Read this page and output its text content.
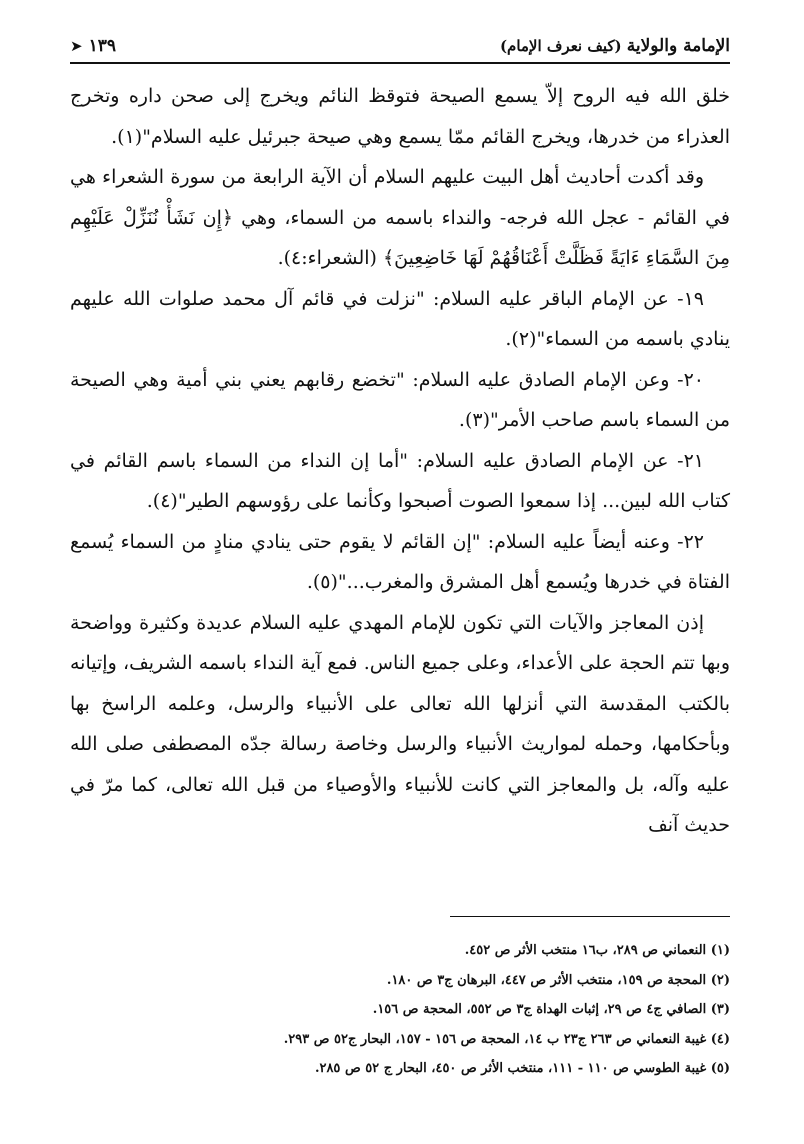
الإمامة والولاية (كيف نعرف الإمام)
➤ ١٣٩

خلق الله فيه الروح إلاّ يسمع الصيحة فتوقظ النائم ويخرج إلى صحن داره وتخرج العذراء من خدرها، ويخرج القائم ممّا يسمع وهي صيحة جبرئيل عليه السلام"(١).

وقد أكدت أحاديث أهل البيت عليهم السلام أن الآية الرابعة من سورة الشعراء هي في القائم - عجل الله فرجه- والنداء باسمه من السماء، وهي ﴿إِن نَشَأْ نُنَزِّلْ عَلَيْهِم مِنَ السَّمَاءِ ءَايَةً فَظَلَّتْ أَعْنَاقُهُمْ لَهَا خَاضِعِينَ﴾ (الشعراء:٤).

١٩- عن الإمام الباقر عليه السلام: "نزلت في قائم آل محمد صلوات الله عليهم ينادي باسمه من السماء"(٢).

٢٠- وعن الإمام الصادق عليه السلام: "تخضع رقابهم يعني بني أمية وهي الصيحة من السماء باسم صاحب الأمر"(٣).

٢١- عن الإمام الصادق عليه السلام: "أما إن النداء من السماء باسم القائم في كتاب الله لبين... إذا سمعوا الصوت أصبحوا وكأنما على رؤوسهم الطير"(٤).

٢٢- وعنه أيضاً عليه السلام: "إن القائم لا يقوم حتى ينادي منادٍ من السماء يُسمع الفتاة في خدرها ويُسمع أهل المشرق والمغرب..."(٥).

إذن المعاجز والآيات التي تكون للإمام المهدي عليه السلام عديدة وكثيرة وواضحة وبها تتم الحجة على الأعداء، وعلى جميع الناس. فمع آية النداء باسمه الشريف، وإتيانه بالكتب المقدسة التي أنزلها الله تعالى على الأنبياء والرسل، وعلمه الراسخ بها وبأحكامها، وحمله لمواريث الأنبياء والرسل وخاصة رسالة جدّه المصطفى صلى الله عليه وآله، بل والمعاجز التي كانت للأنبياء والأوصياء من قبل الله تعالى، كما مرّ في حديث آنف

(١) النعماني ص ٢٨٩، ب١٦ منتخب الأثر ص ٤٥٢.

(٢) المحجة ص ١٥٩، منتخب الأثر ص ٤٤٧، البرهان ج٣ ص ١٨٠.

(٣) الصافي ج٤ ص ٢٩، إثبات الهداة ج٣ ص ٥٥٢، المحجة ص ١٥٦.

(٤) غيبة النعماني ص ٢٦٣ ج٢٣ ب ١٤، المحجة ص ١٥٦ - ١٥٧، البحار ج٥٢ ص ٢٩٣.

(٥) غيبة الطوسي ص ١١٠ - ١١١، منتخب الأثر ص ٤٥٠، البحار ج ٥٢ ص ٢٨٥.
